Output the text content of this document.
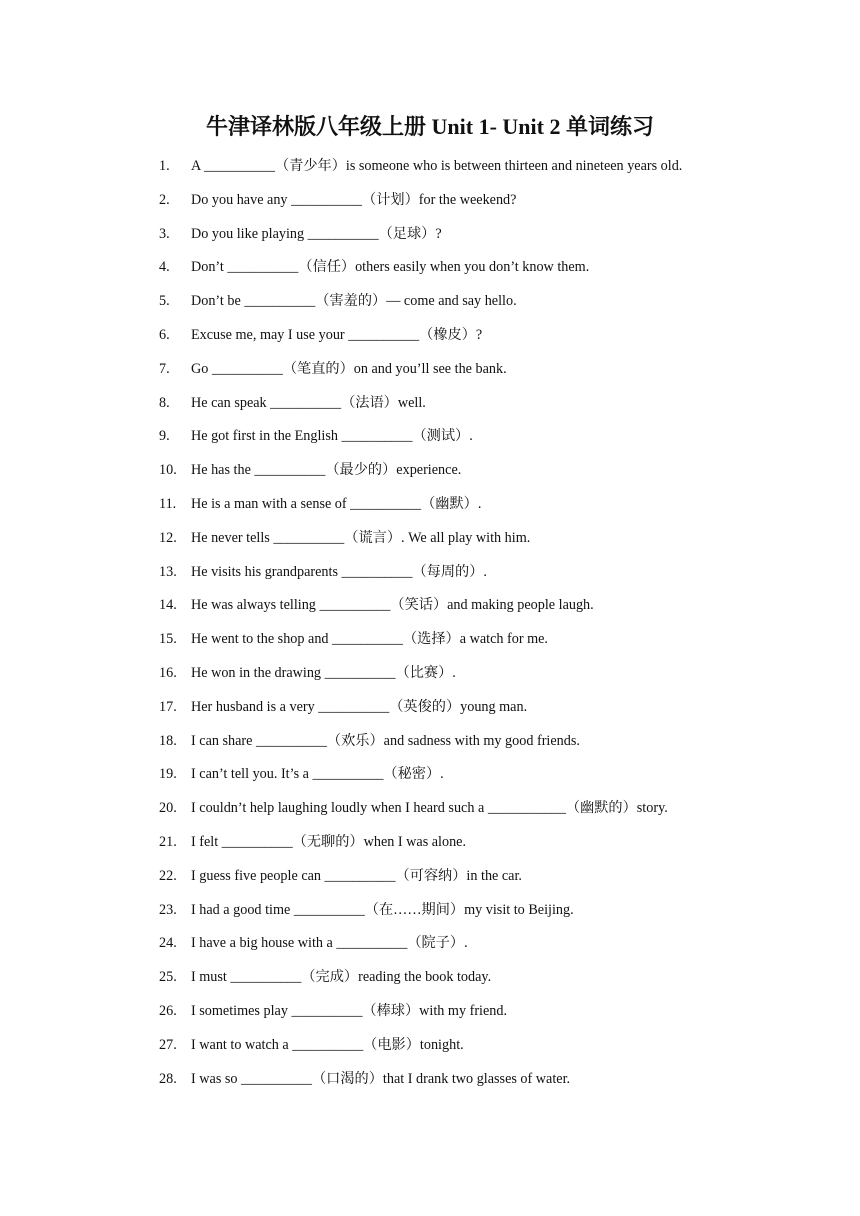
牛津译林版八年级上册 Unit 1- Unit 2 单词练习
1. A __________（青少年）is someone who is between thirteen and nineteen years old.
2. Do you have any __________（计划）for the weekend?
3. Do you like playing __________（足球）?
4. Don’t __________（信任）others easily when you don’t know them.
5. Don’t be __________（害羞的）— come and say hello.
6. Excuse me, may I use your __________（橡皮）?
7. Go __________（笔直的）on and you’ll see the bank.
8. He can speak __________（法语）well.
9. He got first in the English __________（测试）.
10. He has the __________（最少的）experience.
11. He is a man with a sense of __________（幽默）.
12. He never tells __________（谎言）. We all play with him.
13. He visits his grandparents __________（每周的）.
14. He was always telling __________（笑话）and making people laugh.
15. He went to the shop and __________（选择）a watch for me.
16. He won in the drawing __________（比赛）.
17. Her husband is a very __________（英俊的）young man.
18. I can share __________（欢乐）and sadness with my good friends.
19. I can’t tell you. It’s a __________（秘密）.
20. I couldn’t help laughing loudly when I heard such a ___________（幽默的）story.
21. I felt __________（无聊的）when I was alone.
22. I guess five people can __________（可容纳）in the car.
23. I had a good time __________（在……期间）my visit to Beijing.
24. I have a big house with a __________（院子）.
25. I must __________（完成）reading the book today.
26. I sometimes play __________（棒球）with my friend.
27. I want to watch a __________（电影）tonight.
28. I was so __________（口渴的）that I drank two glasses of water.
